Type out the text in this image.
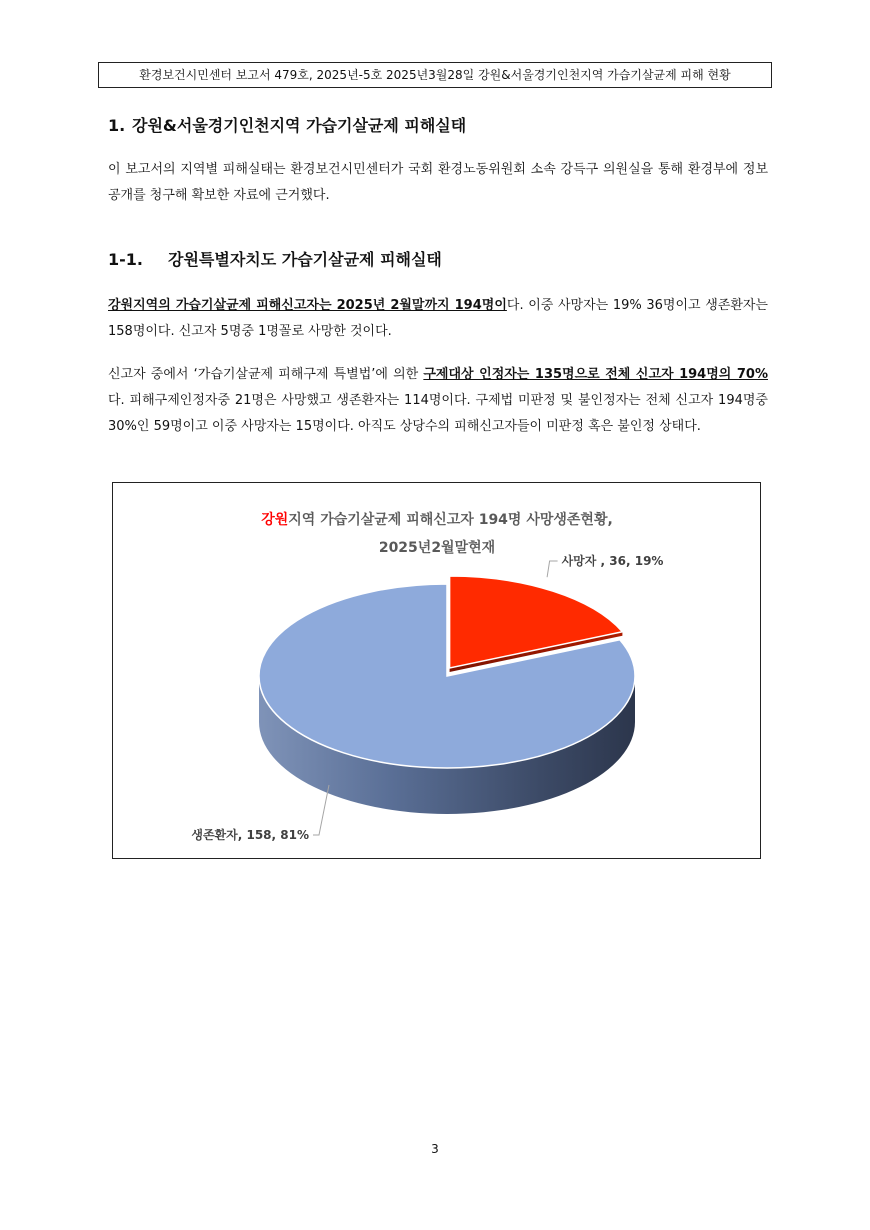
환경보건시민센터 보고서 479호, 2025년-5호 2025년3월28일 강원&서울경기인천지역 가습기살균제 피해 현황
1. 강원&서울경기인천지역 가습기살균제 피해실태
이 보고서의 지역별 피해실태는 환경보건시민센터가 국회 환경노동위원회 소속 강득구 의원실을 통해 환경부에 정보공개를 청구해 확보한 자료에 근거했다.
1-1. 강원특별자치도 가습기살균제 피해실태
강원지역의 가습기살균제 피해신고자는 2025년 2월말까지 194명이다. 이중 사망자는 19% 36명이고 생존환자는 158명이다. 신고자 5명중 1명꼴로 사망한 것이다.
신고자 중에서 ‘가습기살균제 피해구제 특별법’에 의한 구제대상 인정자는 135명으로 전체 신고자 194명의 70%다. 피해구제인정자중 21명은 사망했고 생존환자는 114명이다. 구제법 미판정 및 불인정자는 전체 신고자 194명중 30%인 59명이고 이중 사망자는 15명이다. 아직도 상당수의 피해신고자들이 미판정 혹은 불인정 상태다.
강원지역 가습기살균제 피해신고자 194명 사망생존현황,
2025년2월말현재
사망자 , 36, 19%
생존환자, 158, 81%
3
